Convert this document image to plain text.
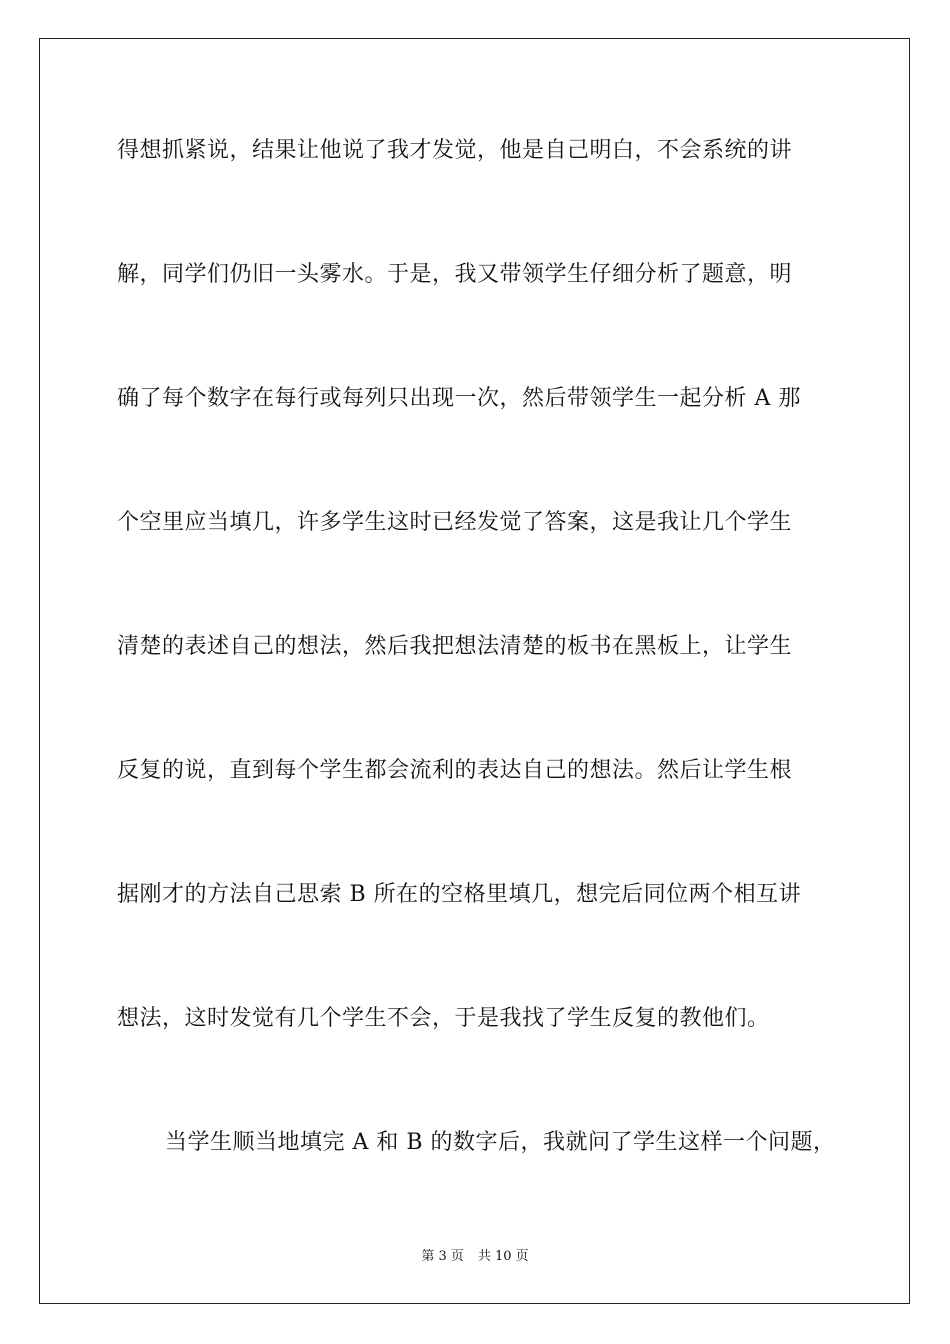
得想抓紧说，结果让他说了我才发觉，他是自己明白，不会系统的讲
解，同学们仍旧一头雾水。于是，我又带领学生仔细分析了题意，明
确了每个数字在每行或每列只出现一次，然后带领学生一起分析 A 那
个空里应当填几，许多学生这时已经发觉了答案，这是我让几个学生
清楚的表述自己的想法，然后我把想法清楚的板书在黑板上，让学生
反复的说，直到每个学生都会流利的表达自己的想法。然后让学生根
据刚才的方法自己思索 B 所在的空格里填几，想完后同位两个相互讲
想法，这时发觉有几个学生不会，于是我找了学生反复的教他们。
当学生顺当地填完 A 和 B 的数字后，我就问了学生这样一个问题，
第 3 页 共 10 页
